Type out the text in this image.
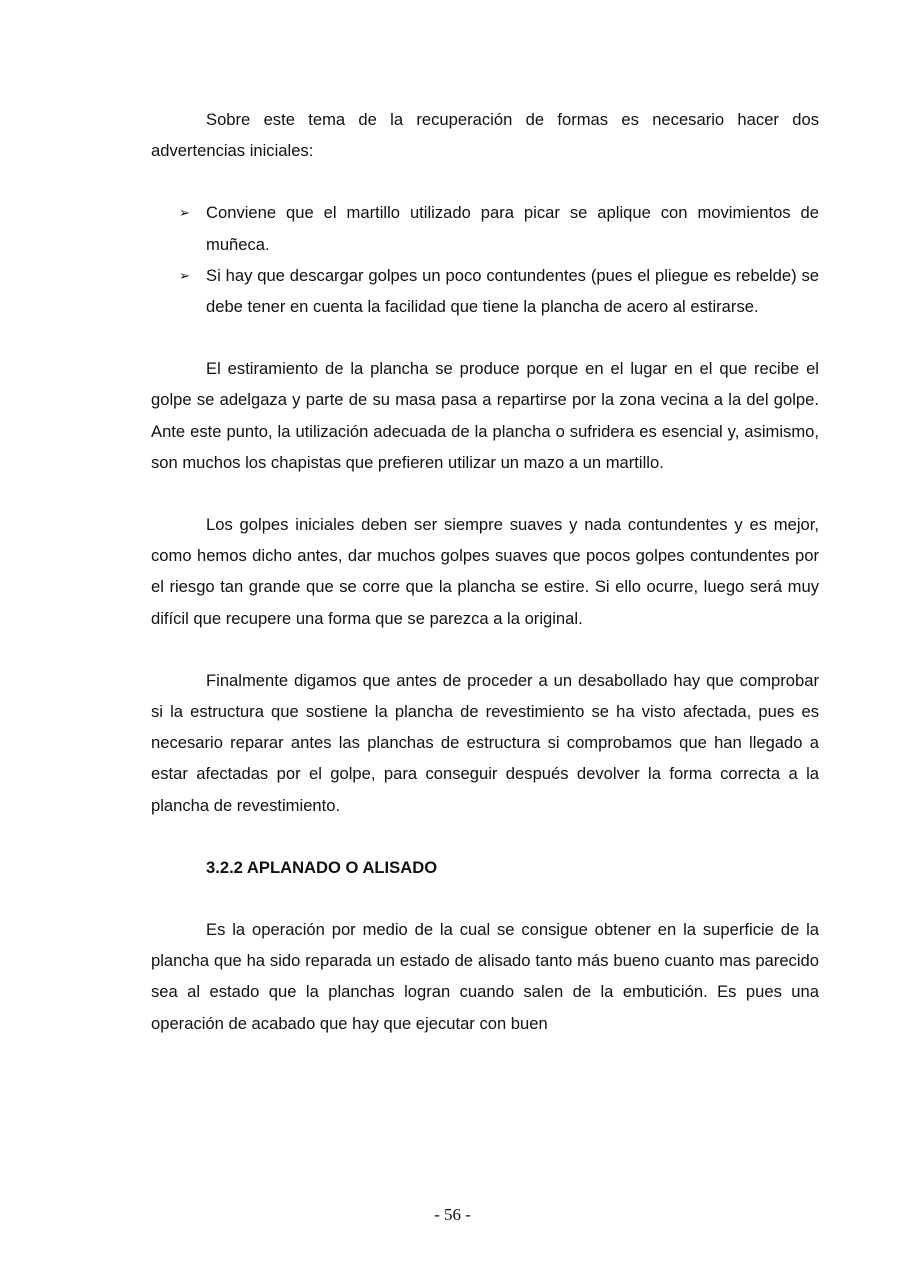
Sobre este tema de la recuperación de formas es necesario hacer dos advertencias iniciales:

➢ Conviene que el martillo utilizado para picar se aplique con movimientos de muñeca.
➢ Si hay que descargar golpes un poco contundentes (pues el pliegue es rebelde) se debe tener en cuenta la facilidad que tiene la plancha de acero al estirarse.

El estiramiento de la plancha se produce porque en el lugar en el que recibe el golpe se adelgaza y parte de su masa pasa a repartirse por la zona vecina a la del golpe. Ante este punto, la utilización adecuada de la plancha o sufridera es esencial y, asimismo, son muchos los chapistas que prefieren utilizar un mazo a un martillo.

Los golpes iniciales deben ser siempre suaves y nada contundentes y es mejor, como hemos dicho antes, dar muchos golpes suaves que pocos golpes contundentes por el riesgo tan grande que se corre que la plancha se estire. Si ello ocurre, luego será muy difícil que recupere una forma que se parezca a la original.

Finalmente digamos que antes de proceder a un desabollado hay que comprobar si la estructura que sostiene la plancha de revestimiento se ha visto afectada, pues es necesario reparar antes las planchas de estructura si comprobamos que han llegado a estar afectadas por el golpe, para conseguir después devolver la forma correcta a la plancha de revestimiento.

3.2.2 APLANADO O ALISADO

Es la operación por medio de la cual se consigue obtener en la superficie de la plancha que ha sido reparada un estado de alisado tanto más bueno cuanto mas parecido sea al estado que la planchas logran cuando salen de la embutición. Es pues una operación de acabado que hay que ejecutar con buen

- 56 -
